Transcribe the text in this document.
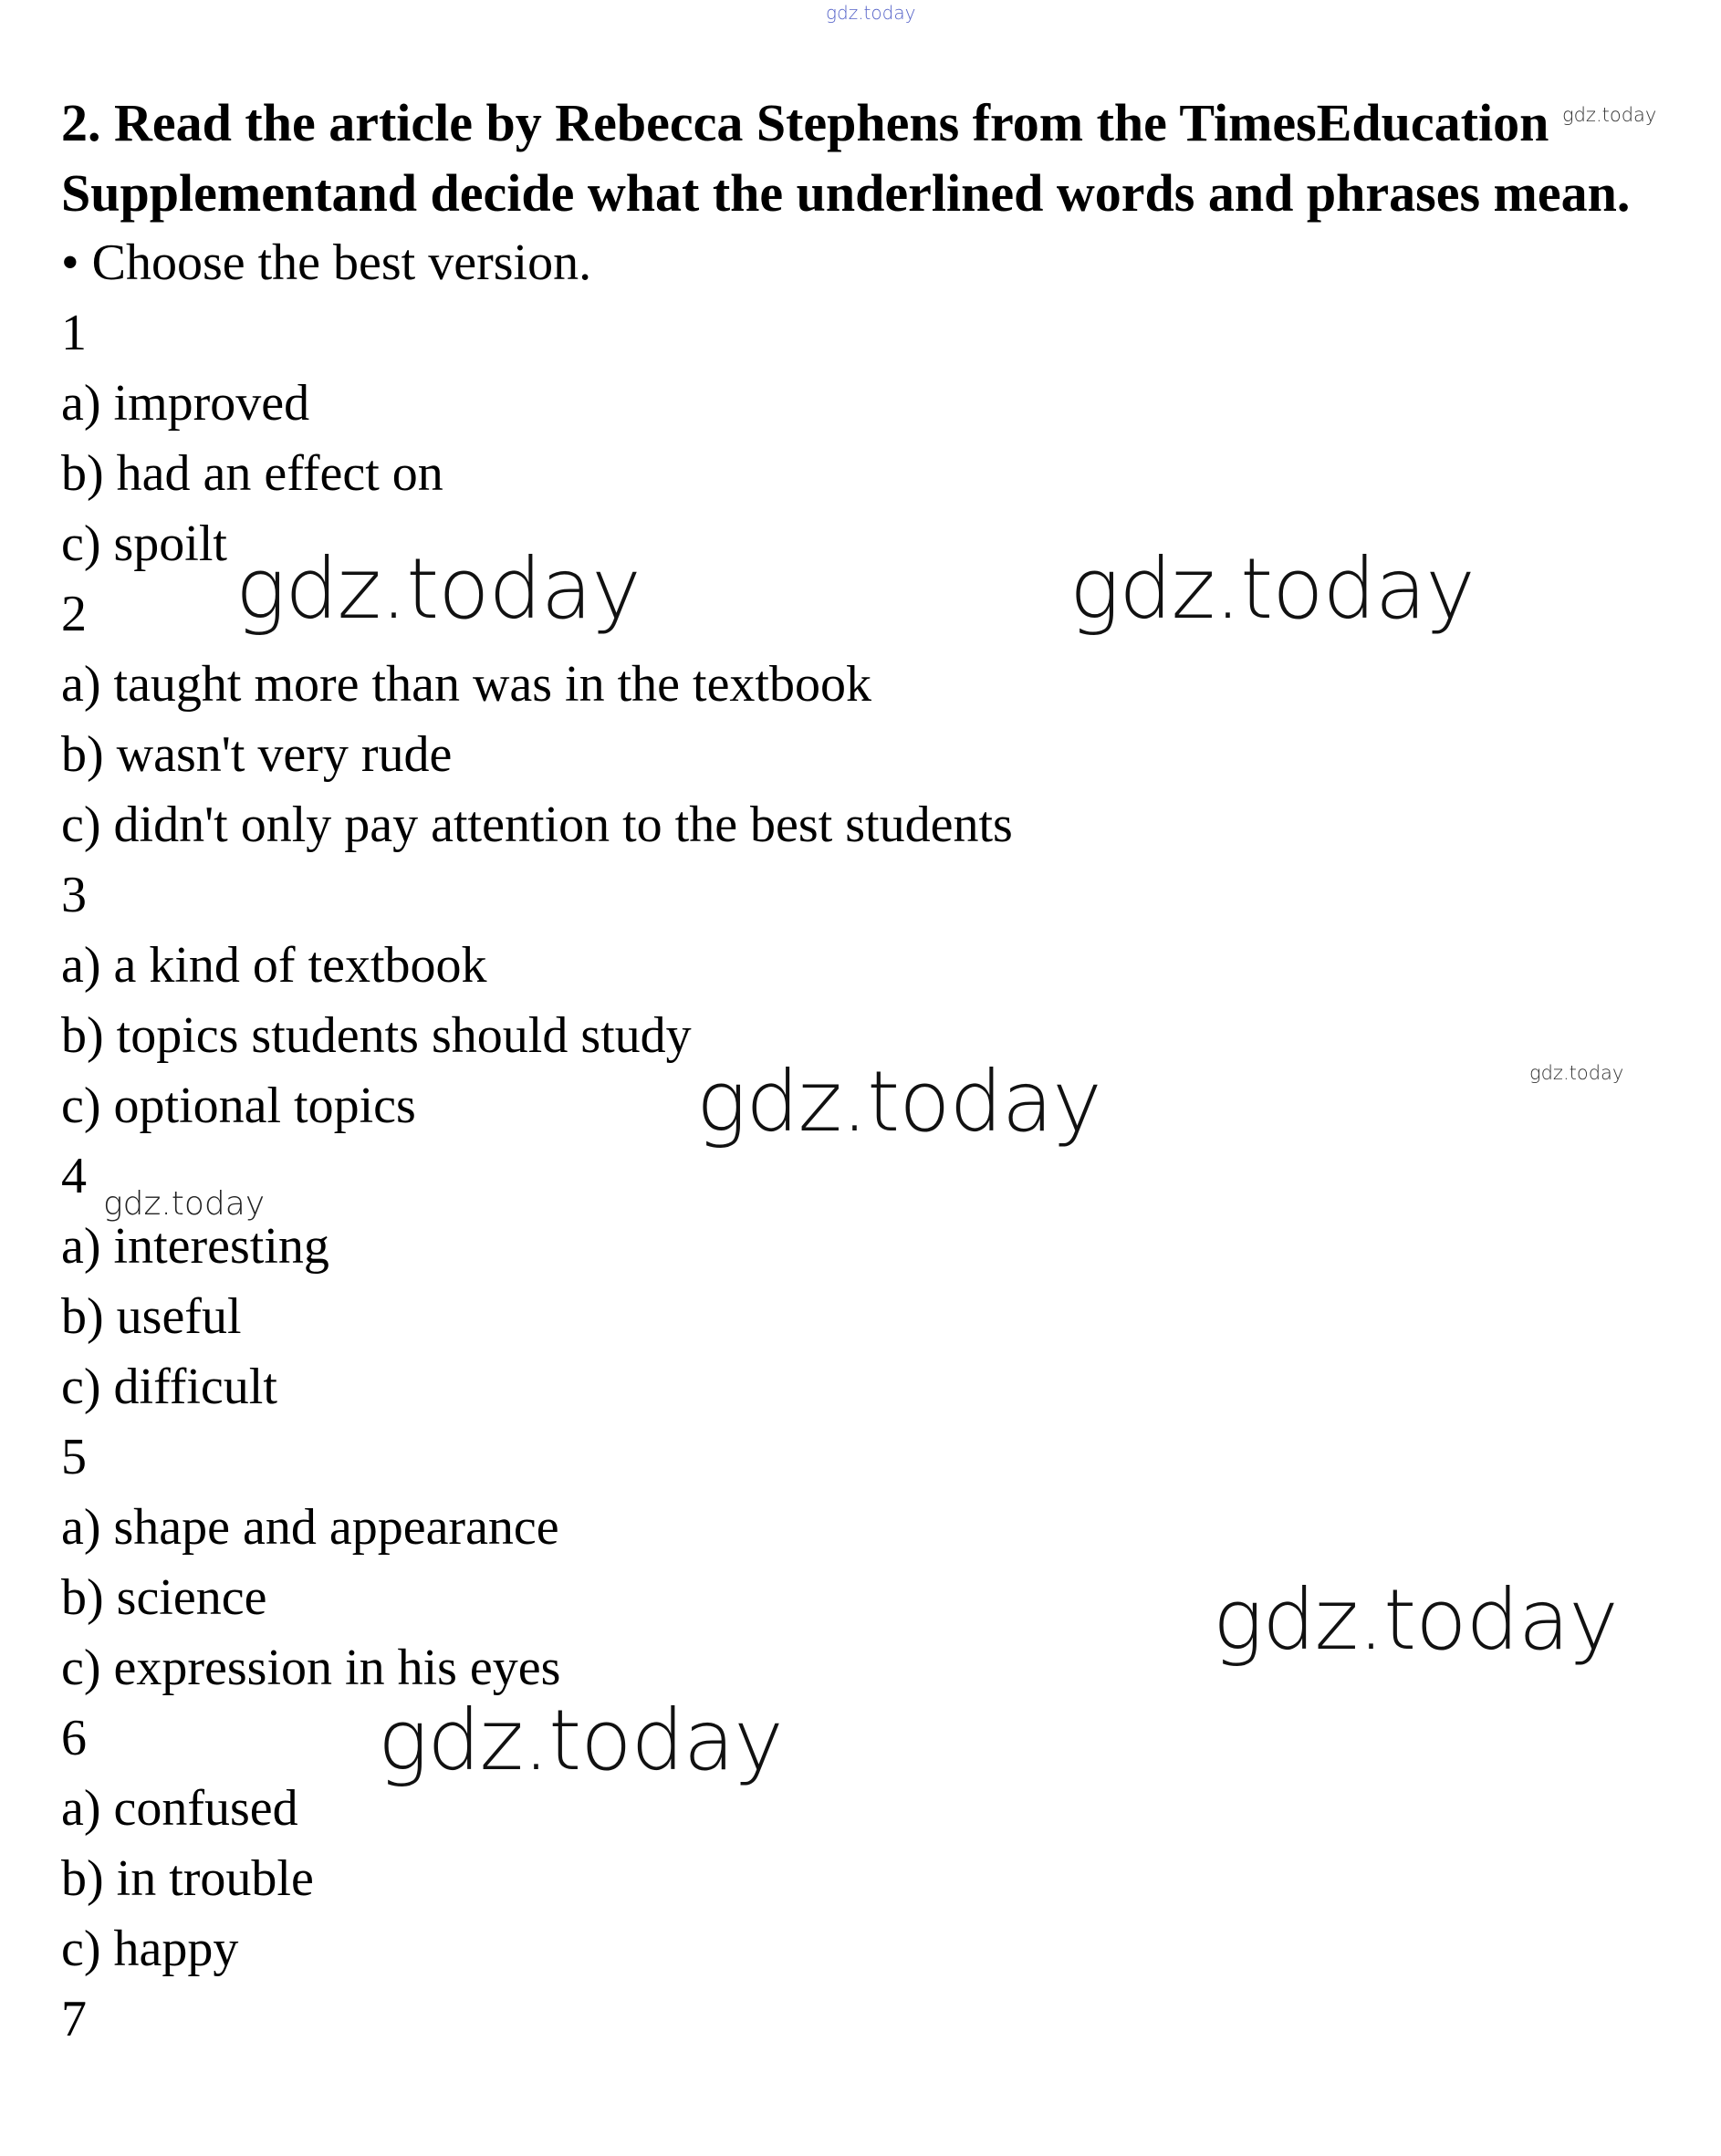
gdz.today
gdz.today
gdz.today	gdz.today
gdz.today
gdz.today
gdz.today
gdz.today
gdz.today
2. Read the article by Rebecca Stephens from the TimesEducation
Supplementand decide what the underlined words and phrases mean.
• Choose the best version.
1
a) improved
b) had an effect on
c) spoilt
2
a) taught more than was in the textbook
b) wasn't very rude
c) didn't only pay attention to the best students
3
a) a kind of textbook
b) topics students should study
c) optional topics
4
a) interesting
b) useful
c) difficult
5
a) shape and appearance
b) science
c) expression in his eyes
6
a) confused
b) in trouble
c) happy
7
